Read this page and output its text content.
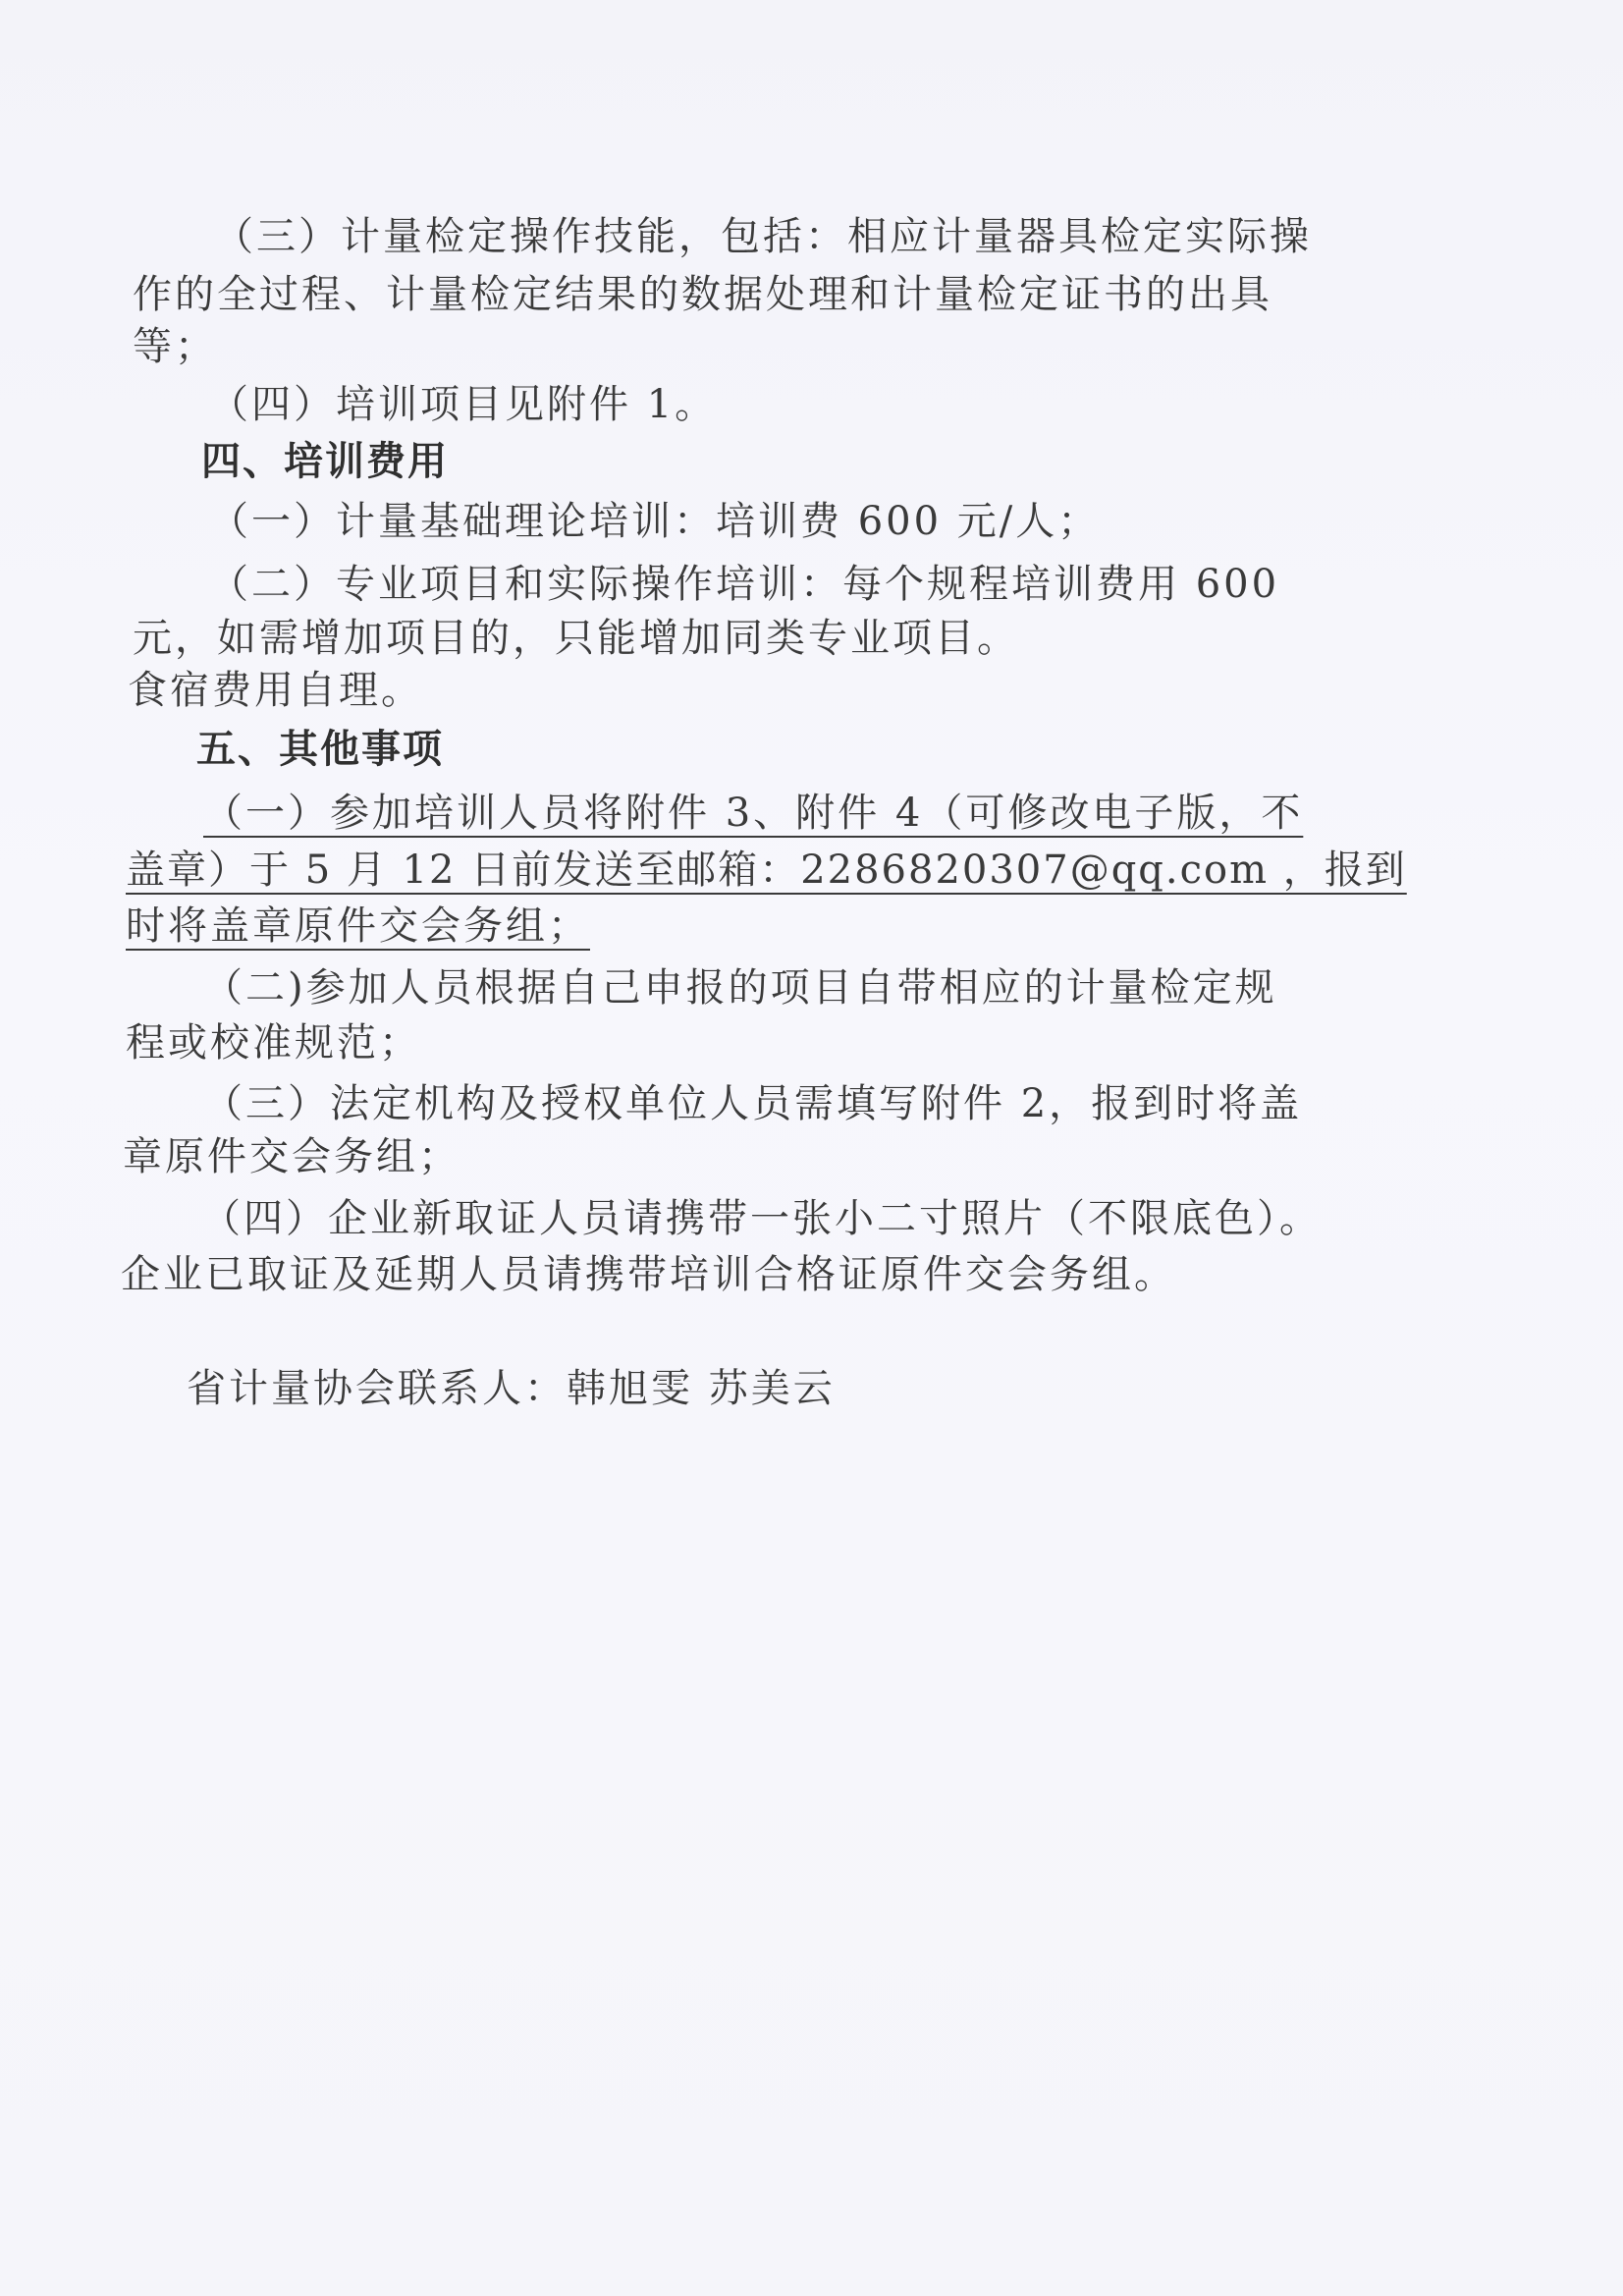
（三）计量检定操作技能，包括：相应计量器具检定实际操

作的全过程、计量检定结果的数据处理和计量检定证书的出具

等；

（四）培训项目见附件 1。

四、培训费用

（一）计量基础理论培训：培训费 600 元/人；

（二）专业项目和实际操作培训：每个规程培训费用 600

元，如需增加项目的，只能增加同类专业项目。

食宿费用自理。

五、其他事项

（一）参加培训人员将附件 3、附件 4（可修改电子版，不

盖章）于 5 月 12 日前发送至邮箱：2286820307@qq.com ，报到

时将盖章原件交会务组；

（二)参加人员根据自己申报的项目自带相应的计量检定规

程或校准规范；

（三）法定机构及授权单位人员需填写附件 2，报到时将盖

章原件交会务组；

（四）企业新取证人员请携带一张小二寸照片（不限底色）。

企业已取证及延期人员请携带培训合格证原件交会务组。

省计量协会联系人：韩旭雯 苏美云
